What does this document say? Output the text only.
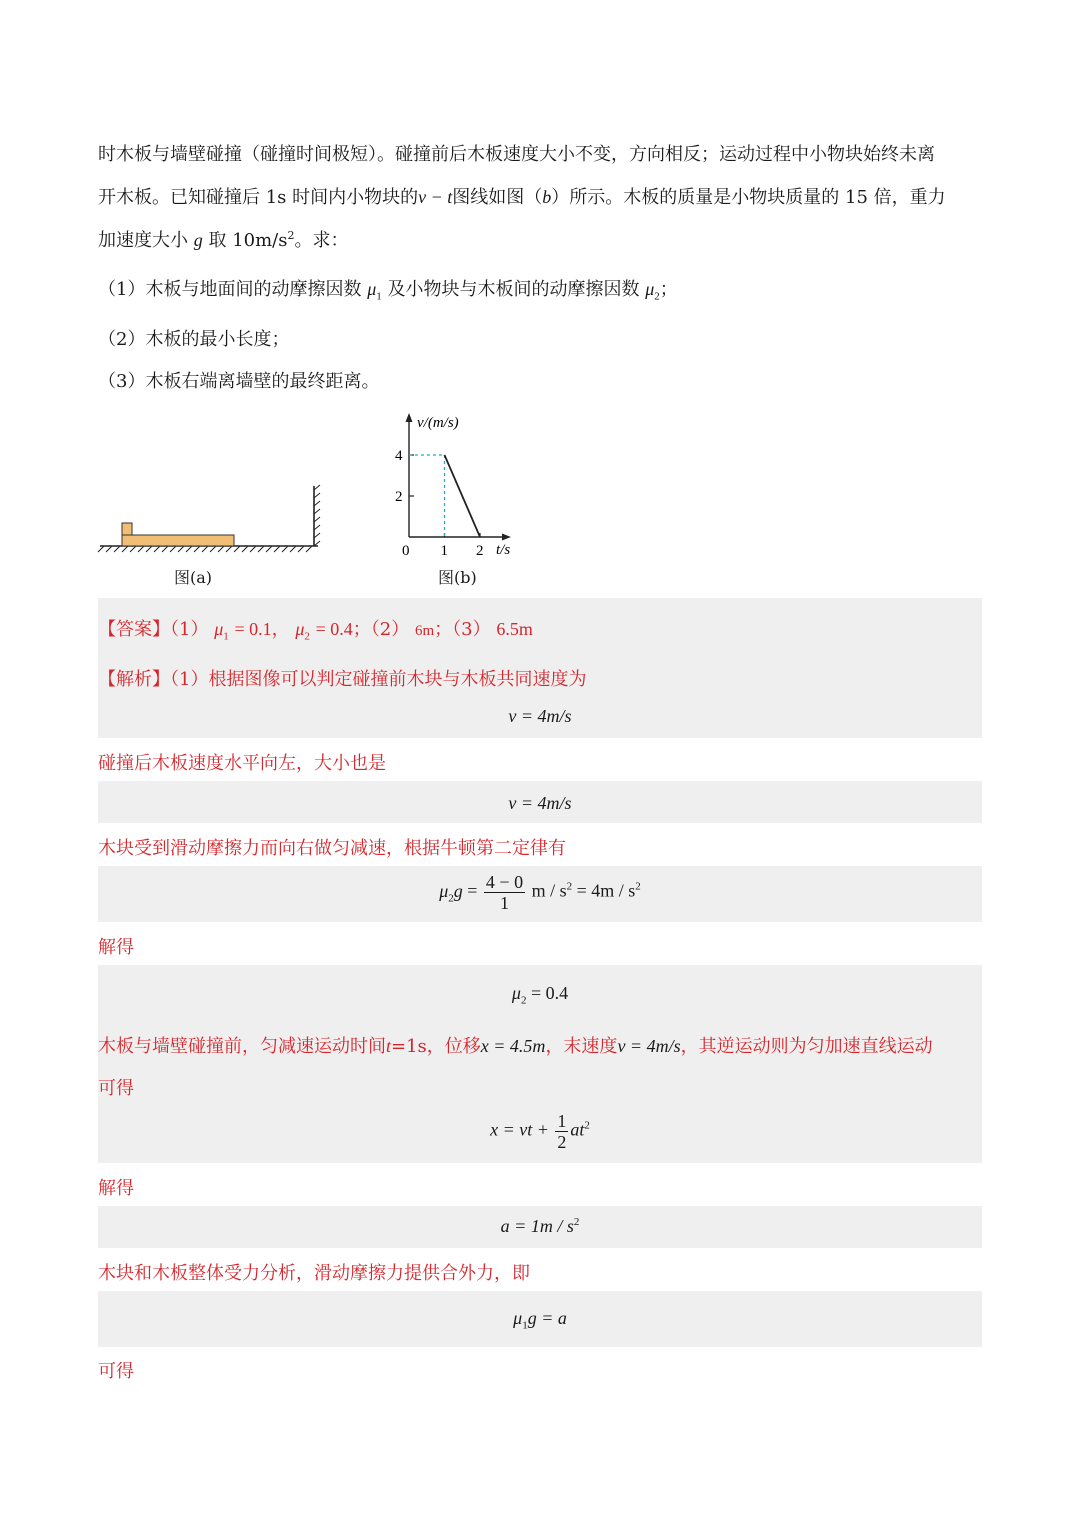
时木板与墙壁碰撞（碰撞时间极短）。碰撞前后木板速度大小不变，方向相反；运动过程中小物块始终未离
开木板。已知碰撞后 1s 时间内小物块的v − t图线如图（b）所示。木板的质量是小物块质量的 15 倍，重力
加速度大小 g 取 $10m/s^2$。求：
（1）木板与地面间的动摩擦因数 $\mu_1$ 及小物块与木板间的动摩擦因数 $\mu_2$；
（2）木板的最小长度；
（3）木板右端离墙壁的最终距离。
图(a)
v/(m/s)
t/s
4
2
0 1 2
图(b)
【答案】（1） $\mu_1 = 0.1$， $\mu_2 = 0.4$；（2） 6m；（3） 6.5m
v = 4m/s
【解析】（1）根据图像可以判定碰撞前木块与木板共同速度为
碰撞后木板速度水平向左，大小也是
v = 4m/s
木块受到滑动摩擦力而向右做匀减速，根据牛顿第二定律有
$\mu_2g = \frac{4 - 0}{1}$ $m / s^2 = 4m / s^2$
解得
$\mu_2 = 0.4$
x = vt + $\frac{1}{2} at^2$
木板与墙壁碰撞前，匀减速运动时间t=1s，位移x = 4.5m，末速度v = 4m/s，其逆运动则为匀加速直线运动
可得
解得
$a = 1m / s^2$
木块和木板整体受力分析，滑动摩擦力提供合外力，即
$\mu_1g = a$
可得
